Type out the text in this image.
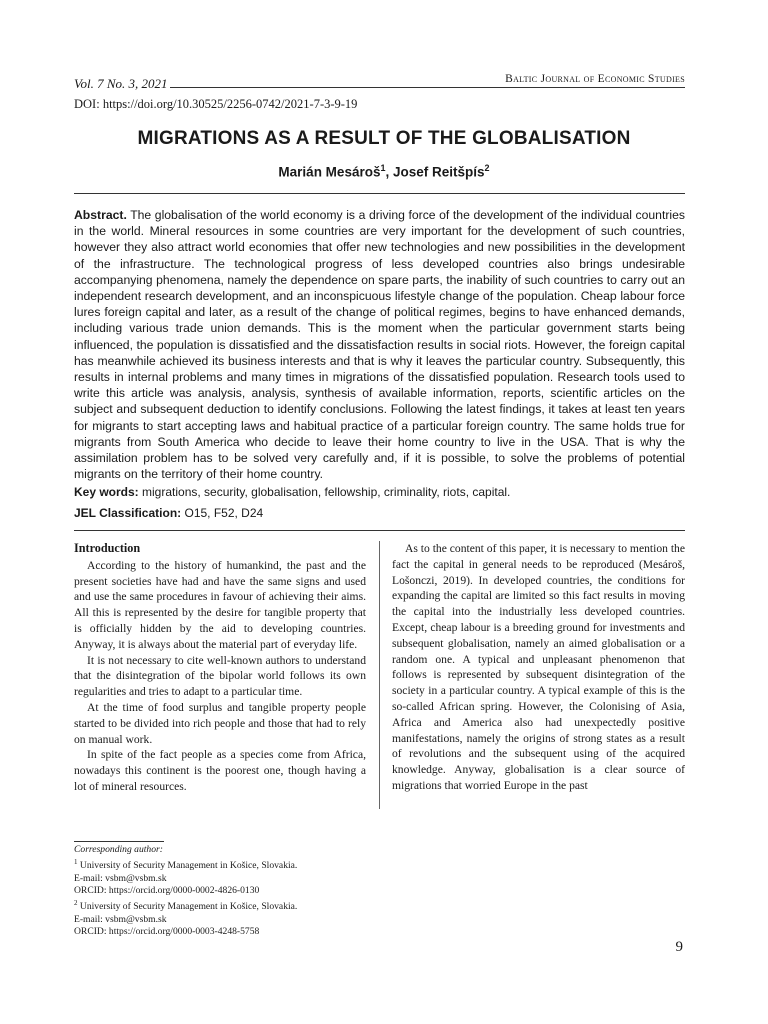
Vol. 7 No. 3, 2021	Baltic Journal of Economic Studies
DOI: https://doi.org/10.30525/2256-0742/2021-7-3-9-19
MIGRATIONS AS A RESULT OF THE GLOBALISATION
Marián Mesároš$^1$, Josef Reitšpís$^2$

Abstract. The globalisation of the world economy is a driving force of the development of the individual countries in the world. Mineral resources in some countries are very important for the development of such countries, however they also attract world economies that offer new technologies and new possibilities in the development of the infrastructure. The technological progress of less developed countries also brings undesirable accompanying phenomena, namely the dependence on spare parts, the inability of such countries to carry out an independent research development, and an inconspicuous lifestyle change of the population. Cheap labour force lures foreign capital and later, as a result of the change of political regimes, begins to have enhanced demands, including various trade union demands. This is the moment when the particular government starts being influenced, the population is dissatisfied and the dissatisfaction results in social riots. However, the foreign capital has meanwhile achieved its business interests and that is why it leaves the particular country. Subsequently, this results in internal problems and many times in migrations of the dissatisfied population. Research tools used to write this article was analysis, analysis, synthesis of available information, reports, scientific articles on the subject and subsequent deduction to identify conclusions. Following the latest findings, it takes at least ten years for migrants to start accepting laws and habitual practice of a particular foreign country. The same holds true for migrants from South America who decide to leave their home country to live in the USA. That is why the assimilation problem has to be solved very carefully and, if it is possible, to solve the problems of potential migrants on the territory of their home country.

Key words: migrations, security, globalisation, fellowship, criminality, riots, capital.

JEL Classification: O15, F52, D24

Introduction

According to the history of humankind, the past and the present societies have had and have the same signs and used and use the same procedures in favour of achieving their aims. All this is represented by the desire for tangible property that is officially hidden by the aid to developing countries. Anyway, it is always about the material part of everyday life.

It is not necessary to cite well-known authors to understand that the disintegration of the bipolar world follows its own regularities and tries to adapt to a particular time.

At the time of food surplus and tangible property people started to be divided into rich people and those that had to rely on manual work.

In spite of the fact people as a species come from Africa, nowadays this continent is the poorest one, though having a lot of mineral resources.

As to the content of this paper, it is necessary to mention the fact the capital in general needs to be reproduced (Mesároš, Lošonczi, 2019). In developed countries, the conditions for expanding the capital are limited so this fact results in moving the capital into the industrially less developed countries. Except, cheap labour is a breeding ground for investments and subsequent globalisation, namely an aimed globalisation or a random one. A typical and unpleasant phenomenon that follows is represented by subsequent disintegration of the society in a particular country. A typical example of this is the so-called African spring. However, the Colonising of Asia, Africa and America also had unexpectedly positive manifestations, namely the origins of strong states as a result of revolutions and the subsequent using of the acquired knowledge. Anyway, globalisation is a clear source of migrations that worried Europe in the past

Corresponding author:
$^1$ University of Security Management in Košice, Slovakia.
E-mail: vsbm@vsbm.sk
ORCID: https://orcid.org/0000-0002-4826-0130
$^2$ University of Security Management in Košice, Slovakia.
E-mail: vsbm@vsbm.sk
ORCID: https://orcid.org/0000-0003-4248-5758
9
